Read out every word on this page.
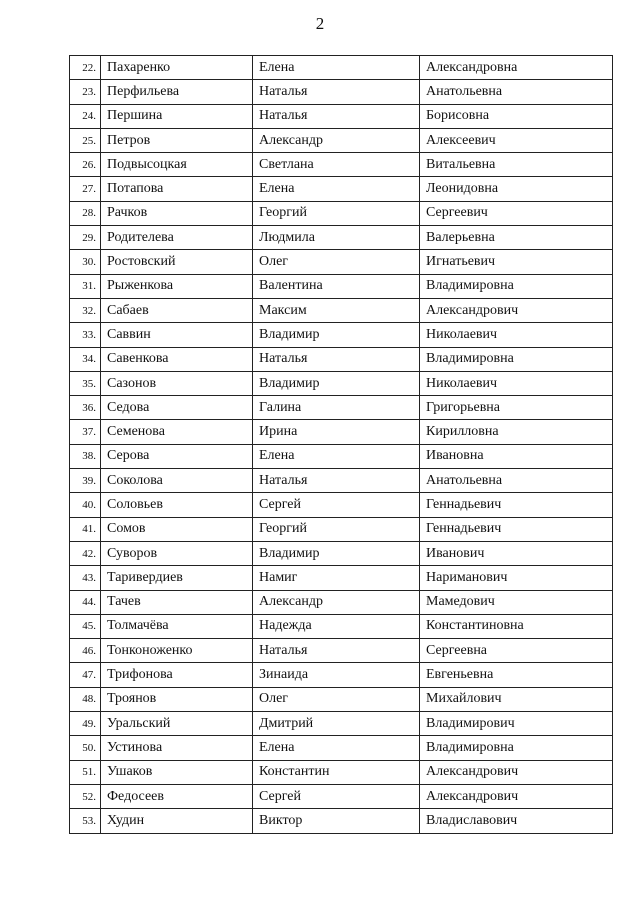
2
22.	Пахаренко	Елена	Александровна
23.	Перфильева	Наталья	Анатольевна
24.	Першина	Наталья	Борисовна
25.	Петров	Александр	Алексеевич
26.	Подвысоцкая	Светлана	Витальевна
27.	Потапова	Елена	Леонидовна
28.	Рачков	Георгий	Сергеевич
29.	Родителева	Людмила	Валерьевна
30.	Ростовский	Олег	Игнатьевич
31.	Рыженкова	Валентина	Владимировна
32.	Сабаев	Максим	Александрович
33.	Саввин	Владимир	Николаевич
34.	Савенкова	Наталья	Владимировна
35.	Сазонов	Владимир	Николаевич
36.	Седова	Галина	Григорьевна
37.	Семенова	Ирина	Кирилловна
38.	Серова	Елена	Ивановна
39.	Соколова	Наталья	Анатольевна
40.	Соловьев	Сергей	Геннадьевич
41.	Сомов	Георгий	Геннадьевич
42.	Суворов	Владимир	Иванович
43.	Таривердиев	Намиг	Нариманович
44.	Тачев	Александр	Мамедович
45.	Толмачёва	Надежда	Константиновна
46.	Тонконоженко	Наталья	Сергеевна
47.	Трифонова	Зинаида	Евгеньевна
48.	Троянов	Олег	Михайлович
49.	Уральский	Дмитрий	Владимирович
50.	Устинова	Елена	Владимировна
51.	Ушаков	Константин	Александрович
52.	Федосеев	Сергей	Александрович
53.	Худин	Виктор	Владиславович
